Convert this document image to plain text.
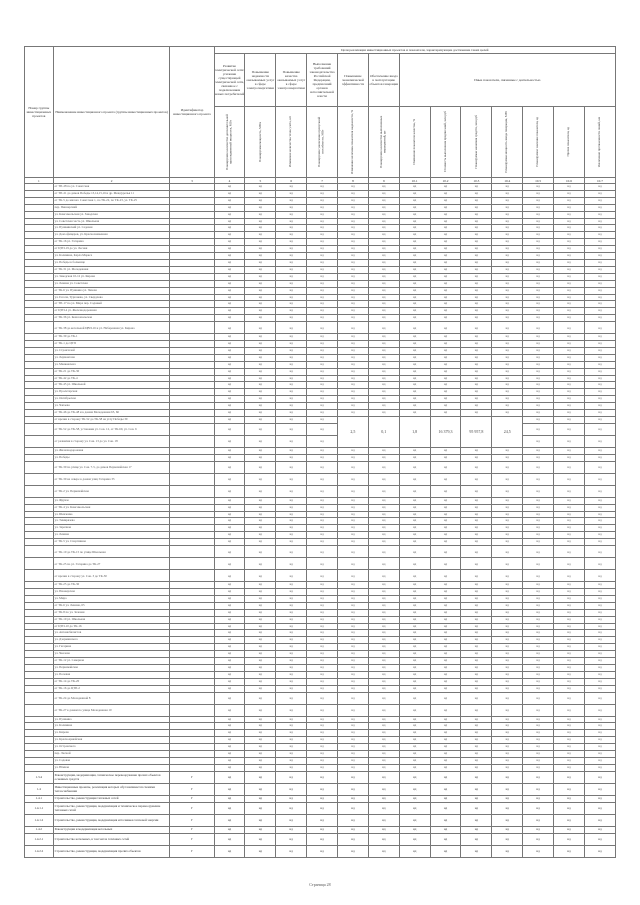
Номер группы инвестиционных проектов	Наименование инвестиционного проекта (группы инвестиционных проектов)	Идентификатор инвестиционного проекта	Цели реализации инвестиционных проектов и показатели, характеризующие достижение таких целей												
			Развитие электрической сети/усиление существующей электрической сети, связанное с подключением новых потребителей	Повышение надежности оказываемых услуг в сфере электроэнергетики	Повышение качества оказываемых услуг в сфере электроэнергетики	Выполнение требований законодательства Российской Федерации, предписаний органов исполнительной власти	Повышение экономической эффективности	Обеспечение ввода в эксплуатацию объектов генерации	Иные показатели, связанные с деятельностью						

			Планируемое количество дополнительной присоединенной мощности, МВт	Планируемая мощность, МВА	Изменение количества точек учета, шт	Планируемое увеличение пропускной способности, МВт	Изменение величины показателя надежности, %	Планируемое количество выполненных мероприятий, шт	Изменение показателя качества, %	Стоимость выполнения предписаний, млн руб	Планируемая экономия средств, млн руб	Планируемая мощность ввода генерации, МВт	Планируемое значение показателя, ед	Прочие показатели, ед	Увеличение протяженности линий, км

1	2	3	4	5	6	7	8	9	10.1	10.2	10.3	10.4	10.5	10.6	10.7
	от ТП-28 по ул. Советская		нд	нд	нд	нд	нд	нд	нд	нд	нд	нд	нд	нд	нд
	от ТП-21 до домов Победы 13,14,15,16 и др. Междуречья 11		нд	нд	нд	нд	нд	нд	нд	нд	нд	нд	нд	нд	нд
	от ТК-5 до жилого Советская 1, по ТК-22, по ТК-23, ул. ТК-25		нд	нд	нд	нд	нд	нд	нд	нд	нд	нд	нд	нд	нд
	пер. Пионерский		нд	нд	нд	нд	нд	нд	нд	нд	нд	нд	нд	нд	нд
	ул. Комсомольская ул. Заводская		нд	нд	нд	нд	нд	нд	нд	нд	нд	нд	нд	нд	нд
	ул. Советская часть ул. Школьная		нд	нд	нд	нд	нд	нд	нд	нд	нд	нд	нд	нд	нд
	ул. Пушкинский ул. Садовая		нд	нд	нд	нд	нд	нд	нд	нд	нд	нд	нд	нд	нд
	ул. Дом офицеров, ул. Краснознаменная		нд	нд	нд	нд	нд	нд	нд	нд	нд	нд	нд	нд	нд
	от ТК-16 ул. Гагарина		нд	нд	нд	нд	нд	нд	нд	нд	нд	нд	нд	нд	нд
	от ЦТП-19 до ул. Лесная		нд	нд	нд	нд	нд	нд	нд	нд	нд	нд	нд	нд	нд
	ул. Калинина, Карла Маркса		нд	нд	нд	нд	нд	нд	нд	нд	нд	нд	нд	нд	нд
	ул. Победы к больнице		нд	нд	нд	нд	нд	нд	нд	нд	нд	нд	нд	нд	нд
	от ТК-31 ул. Молодежная		нд	нд	нд	нд	нд	нд	нд	нд	нд	нд	нд	нд	нд
	ул. Заводская 10-12 ул. Кирова		нд	нд	нд	нд	нд	нд	нд	нд	нд	нд	нд	нд	нд
	ул. Ленина ул. Советская		нд	нд	нд	нд	нд	нд	нд	нд	нд	нд	нд	нд	нд
	от ТК-6 ул. Пушкина ул. Чехова		нд	нд	нд	нд	нд	нд	нд	нд	нд	нд	нд	нд	нд
	ул. Гоголя, Тургенева, ул. Свердлова		нд	нд	нд	нд	нд	нд	нд	нд	нд	нд	нд	нд	нд
	от ТП-17 по ул. Мира пер. Садовый		нд	нд	нд	нд	нд	нд	нд	нд	нд	нд	нд	нд	нд
	от ЦТП-4 ул. Железнодорожная		нд	нд	нд	нд	нд	нд	нд	нд	нд	нд	нд	нд	нд
	от ТК-36 ул. Комсомольская		нд	нд	нд	нд	нд	нд	нд	нд	нд	нд	нд	нд	нд
	от ТК-38 до котельной ЦВП-16 и ул. Набережная ул. Кирова		нд	нд	нд	нд	нд	нд	нд	нд	нд	нд	нд	нд	нд
	от ТК-39 до ТК-1		нд	нд	нд	нд	нд	нд	нд	нд	нд	нд	нд	нд	нд
	от ТК-1 до ЦТП		нд	нд	нд	нд	нд	нд	нд	нд	нд	нд	нд	нд	нд
	ул. Строителей		нд	нд	нд	нд	нд	нд	нд	нд	нд	нд	нд	нд	нд
	ул. Лермонтова		нд	нд	нд	нд	нд	нд	нд	нд	нд	нд	нд	нд	нд
	ул. Маяковского		нд	нд	нд	нд	нд	нд	нд	нд	нд	нд	нд	нд	нд
	от ТК-21 до ТК-30		нд	нд	нд	нд	нд	нд	нд	нд	нд	нд	нд	нд	нд
	от ТК-42 до ТК-4		нд	нд	нд	нд	нд	нд	нд	нд	нд	нд	нд	нд	нд
	от ТК-45 ул. Школьной		нд	нд	нд	нд	нд	нд	нд	нд	нд	нд	нд	нд	нд
	ул. Пролетарская		нд	нд	нд	нд	нд	нд	нд	нд	нд	нд	нд	нд	нд
	ул. Октябрьская		нд	нд	нд	нд	нд	нд	нд	нд	нд	нд	нд	нд	нд
	ул. Чапаева		нд	нд	нд	нд	нд	нд	нд	нд	нд	нд	нд	нд	нд
	от ТК-46 до ТК-48 и к домам Молодежная 65, 66		нд	нд	нд	нд	нд	нд	нд	нд	нд	нд	нд	нд	нд
	от врезки в сторону ТК-52 до ТК-58 на углу Победы 30		нд	нд	нд	нд	2,5	0,1	1,8	16 379,3	95 957,8	24,5	нд	нд	нд
	от ТК-52 до ТК-58, установки ул. Сов. 12, от ТК-60, ул. Сов. 6		нд	нд	нд	нд							нд	нд	нд
	от развилки в сторону ул. Сов. 13 до ул. Сов. 18		нд	нд	нд	нд							нд	нд	нд
	ул. Железнодорожная		нд	нд	нд	нд	нд	нд	нд	нд	нд	нд	нд	нд	нд
	ул. Победы		нд	нд	нд	нд	нд	нд	нд	нд	нд	нд	нд	нд	нд
	от ТК-30 по улице ул. Сов. 7-5, до домов Первомайская 17		нд	нд	нд	нд	нд	нд	нд	нд	нд	нд	нд	нд	нд
	от ТК-30 на севере к домам улиц Гагарина 33		нд	нд	нд	нд	нд	нд	нд	нд	нд	нд	нд	нд	нд
	от ТК-2 ул. Первомайская		нд	нд	нд	нд	нд	нд	нд	нд	нд	нд	нд	нд	нд
	ул. Фрунзе		нд	нд	нд	нд	нд	нд	нд	нд	нд	нд	нд	нд	нд
	от ТК-4 ул. Комсомольская		нд	нд	нд	нд	нд	нд	нд	нд	нд	нд	нд	нд	нд
	ул. Шевченко		нд	нд	нд	нд	нд	нд	нд	нд	нд	нд	нд	нд	нд
	ул. Тимирязева		нд	нд	нд	нд	нд	нд	нд	нд	нд	нд	нд	нд	нд
	ул. Заречная		нд	нд	нд	нд	нд	нд	нд	нд	нд	нд	нд	нд	нд
	ул. Ленина		нд	нд	нд	нд	нд	нд	нд	нд	нд	нд	нд	нд	нд
	от ТК-5 ул. Спортивная		нд	нд	нд	нд	нд	нд	нд	нд	нд	нд	нд	нд	нд
	от ТК-10 до ТК-15 по улице Школьная		нд	нд	нд	нд	нд	нд	нд	нд	нд	нд	нд	нд	нд
	от ТК-25 по ул. Гагарина до ТК-27		нд	нд	нд	нд	нд	нд	нд	нд	нд	нд	нд	нд	нд
	от врезки в сторону ул. Сов. 3 до ТК-30		нд	нд	нд	нд	нд	нд	нд	нд	нд	нд	нд	нд	нд
	от ТК-25 до ТК-30		нд	нд	нд	нд	нд	нд	нд	нд	нд	нд	нд	нд	нд
	ул. Пионерская		нд	нд	нд	нд	нд	нд	нд	нд	нд	нд	нд	нд	нд
	ул. Мира		нд	нд	нд	нд	нд	нд	нд	нд	нд	нд	нд	нд	нд
	от ТК-6 ул. Ленина, 65		нд	нд	нд	нд	нд	нд	нд	нд	нд	нд	нд	нд	нд
	от ТК-8 по ул. Зеленая		нд	нд	нд	нд	нд	нд	нд	нд	нд	нд	нд	нд	нд
	от ТК-10 ул. Школьная		нд	нд	нд	нд	нд	нд	нд	нд	нд	нд	нд	нд	нд
	от ЦТП-10 до ТК-16		нд	нд	нд	нд	нд	нд	нд	нд	нд	нд	нд	нд	нд
	ул. Автомобилистов		нд	нд	нд	нд	нд	нд	нд	нд	нд	нд	нд	нд	нд
	ул. Дзержинского		нд	нд	нд	нд	нд	нд	нд	нд	нд	нд	нд	нд	нд
	ул. Гагарина		нд	нд	нд	нд	нд	нд	нд	нд	нд	нд	нд	нд	нд
	ул. Чкалова		нд	нд	нд	нд	нд	нд	нд	нд	нд	нд	нд	нд	нд
	от ТК-12 ул. Северная		нд	нд	нд	нд	нд	нд	нд	нд	нд	нд	нд	нд	нд
	ул. Первомайская		нд	нд	нд	нд	нд	нд	нд	нд	нд	нд	нд	нд	нд
	ул. Полевая		нд	нд	нд	нд	нд	нд	нд	нд	нд	нд	нд	нд	нд
	от ТК-14 до ТК-20		нд	нд	нд	нд	нд	нд	нд	нд	нд	нд	нд	нд	нд
	от ТК-16 до ЦТП-2		нд	нд	нд	нд	нд	нд	нд	нд	нд	нд	нд	нд	нд
	от ТК-24 до Молодежной 8		нд	нд	нд	нд	нд	нд	нд	нд	нд	нд	нд	нд	нд
	от ТК-27 к домам по улице Молодежная 10		нд	нд	нд	нд	нд	нд	нд	нд	нд	нд	нд	нд	нд
	ул. Пушкина		нд	нд	нд	нд	нд	нд	нд	нд	нд	нд	нд	нд	нд
	ул. Калинина		нд	нд	нд	нд	нд	нд	нд	нд	нд	нд	нд	нд	нд
	ул. Кирова		нд	нд	нд	нд	нд	нд	нд	нд	нд	нд	нд	нд	нд
	ул. Красноармейская		нд	нд	нд	нд	нд	нд	нд	нд	нд	нд	нд	нд	нд
	ул. Островского		нд	нд	нд	нд	нд	нд	нд	нд	нд	нд	нд	нд	нд
	пер. Лесной		нд	нд	нд	нд	нд	нд	нд	нд	нд	нд	нд	нд	нд
	ул. Садовая		нд	нд	нд	нд	нд	нд	нд	нд	нд	нд	нд	нд	нд
	ул. Южная		нд	нд	нд	нд	нд	нд	нд	нд	нд	нд	нд	нд	нд
1.3.4	Реконструкция, модернизация, техническое перевооружение прочих объектов основных средств	Г	нд	нд	нд	нд	нд	нд	нд	нд	нд	нд	нд	нд	нд
1.4	Инвестиционные проекты, реализация которых обусловливается схемами теплоснабжения	Г	нд	нд	нд	нд	нд	нд	нд	нд	нд	нд	нд	нд	нд
1.4.1	Строительство, реконструкция тепловых сетей	Г	нд	нд	нд	нд	нд	нд	нд	нд	нд	нд	нд	нд	нд
1.4.1.1	Строительство, реконструкция, модернизация и техническое перевооружение тепловых сетей	Г	нд	нд	нд	нд	нд	нд	нд	нд	нд	нд	нд	нд	нд
1.4.1.2	Строительство, реконструкция, модернизация источников тепловой энергии	Г	нд	нд	нд	нд	нд	нд	нд	нд	нд	нд	нд	нд	нд
1.4.2	Реконструкция и модернизация котельных	Г	нд	нд	нд	нд	нд	нд	нд	нд	нд	нд	нд	нд	нд
1.4.2.1	Строительство котельных, в том числе тепловых сетей	Г	нд	нд	нд	нд	нд	нд	нд	нд	нд	нд	нд	нд	нд
1.4.2.2	Строительство, реконструкция, модернизация прочих объектов	Г	нд	нд	нд	нд	нд	нд	нд	нд	нд	нд	нд	нд	нд
Страница 28
